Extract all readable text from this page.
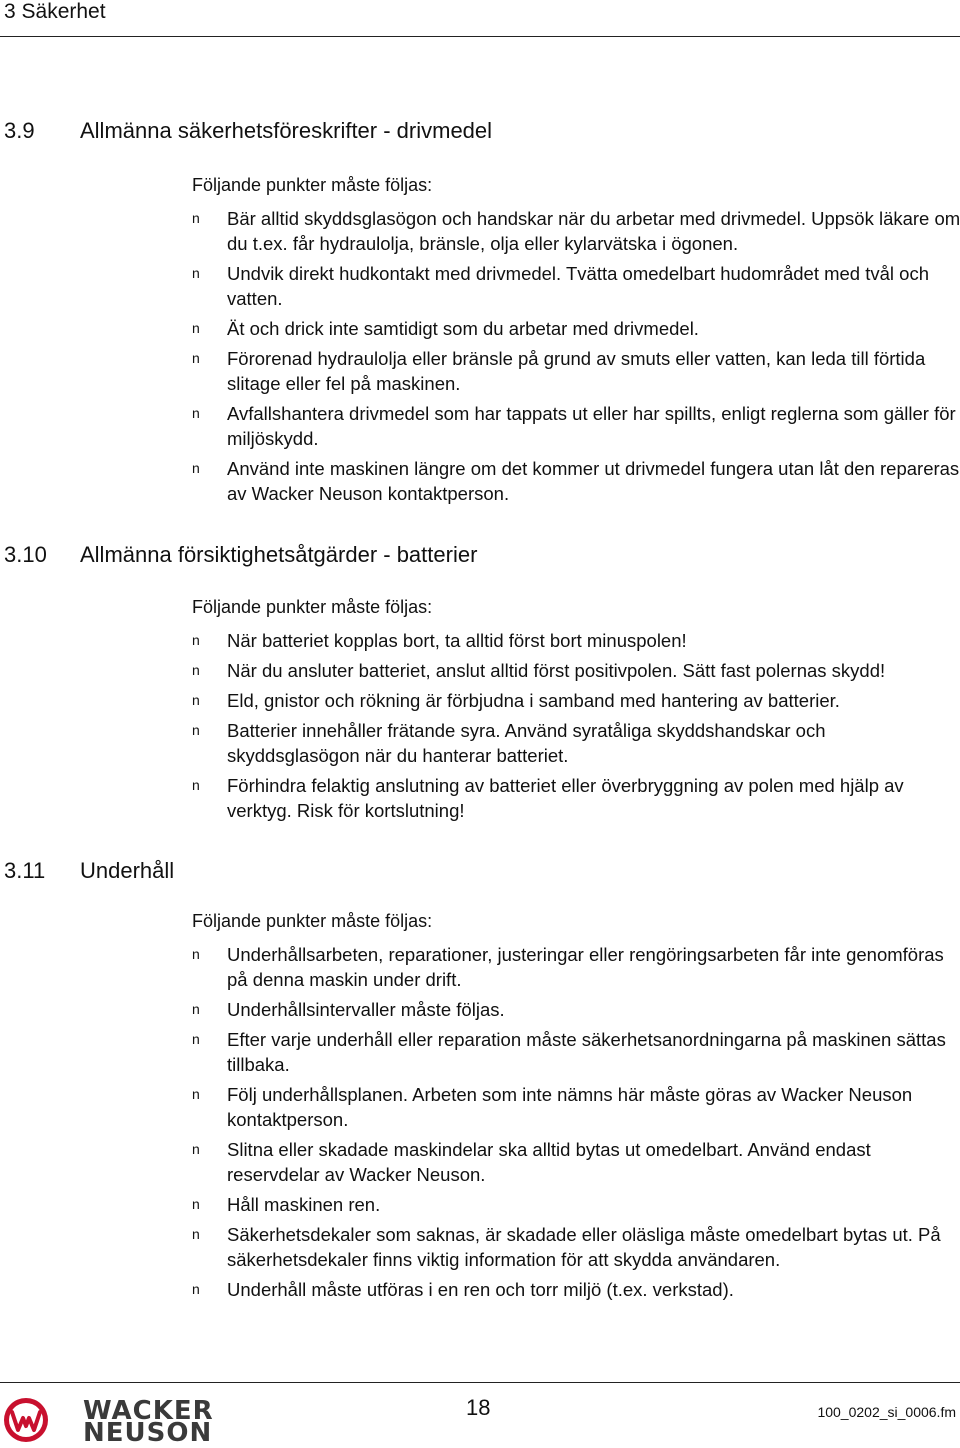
3 Säkerhet
3.9 Allmänna säkerhetsföreskrifter - drivmedel
Följande punkter måste följas:
n Bär alltid skyddsglasögon och handskar när du arbetar med drivmedel. Uppsök läkare om du t.ex. får hydraulolja, bränsle, olja eller kylarvätska i ögonen.
n Undvik direkt hudkontakt med drivmedel. Tvätta omedelbart hudområdet med tvål och vatten.
n Ät och drick inte samtidigt som du arbetar med drivmedel.
n Förorenad hydraulolja eller bränsle på grund av smuts eller vatten, kan leda till förtida slitage eller fel på maskinen.
n Avfallshantera drivmedel som har tappats ut eller har spillts, enligt reglerna som gäller för miljöskydd.
n Använd inte maskinen längre om det kommer ut drivmedel fungera utan låt den repareras av Wacker Neuson kontaktperson.
3.10 Allmänna försiktighetsåtgärder - batterier
Följande punkter måste följas:
n När batteriet kopplas bort, ta alltid först bort minuspolen!
n När du ansluter batteriet, anslut alltid först positivpolen. Sätt fast polernas skydd!
n Eld, gnistor och rökning är förbjudna i samband med hantering av batterier.
n Batterier innehåller frätande syra. Använd syratåliga skyddshandskar och skyddsglasögon när du hanterar batteriet.
n Förhindra felaktig anslutning av batteriet eller överbryggning av polen med hjälp av verktyg. Risk för kortslutning!
3.11 Underhåll
Följande punkter måste följas:
n Underhållsarbeten, reparationer, justeringar eller rengöringsarbeten får inte genomföras på denna maskin under drift.
n Underhållsintervaller måste följas.
n Efter varje underhåll eller reparation måste säkerhetsanordningarna på maskinen sättas tillbaka.
n Följ underhållsplanen. Arbeten som inte nämns här måste göras av Wacker Neuson kontaktperson.
n Slitna eller skadade maskindelar ska alltid bytas ut omedelbart. Använd endast reservdelar av Wacker Neuson.
n Håll maskinen ren.
n Säkerhetsdekaler som saknas, är skadade eller oläsliga måste omedelbart bytas ut. På säkerhetsdekaler finns viktig information för att skydda användaren.
n Underhåll måste utföras i en ren och torr miljö (t.ex. verkstad).
WACKER
NEUSON
18	100_0202_si_0006.fm
